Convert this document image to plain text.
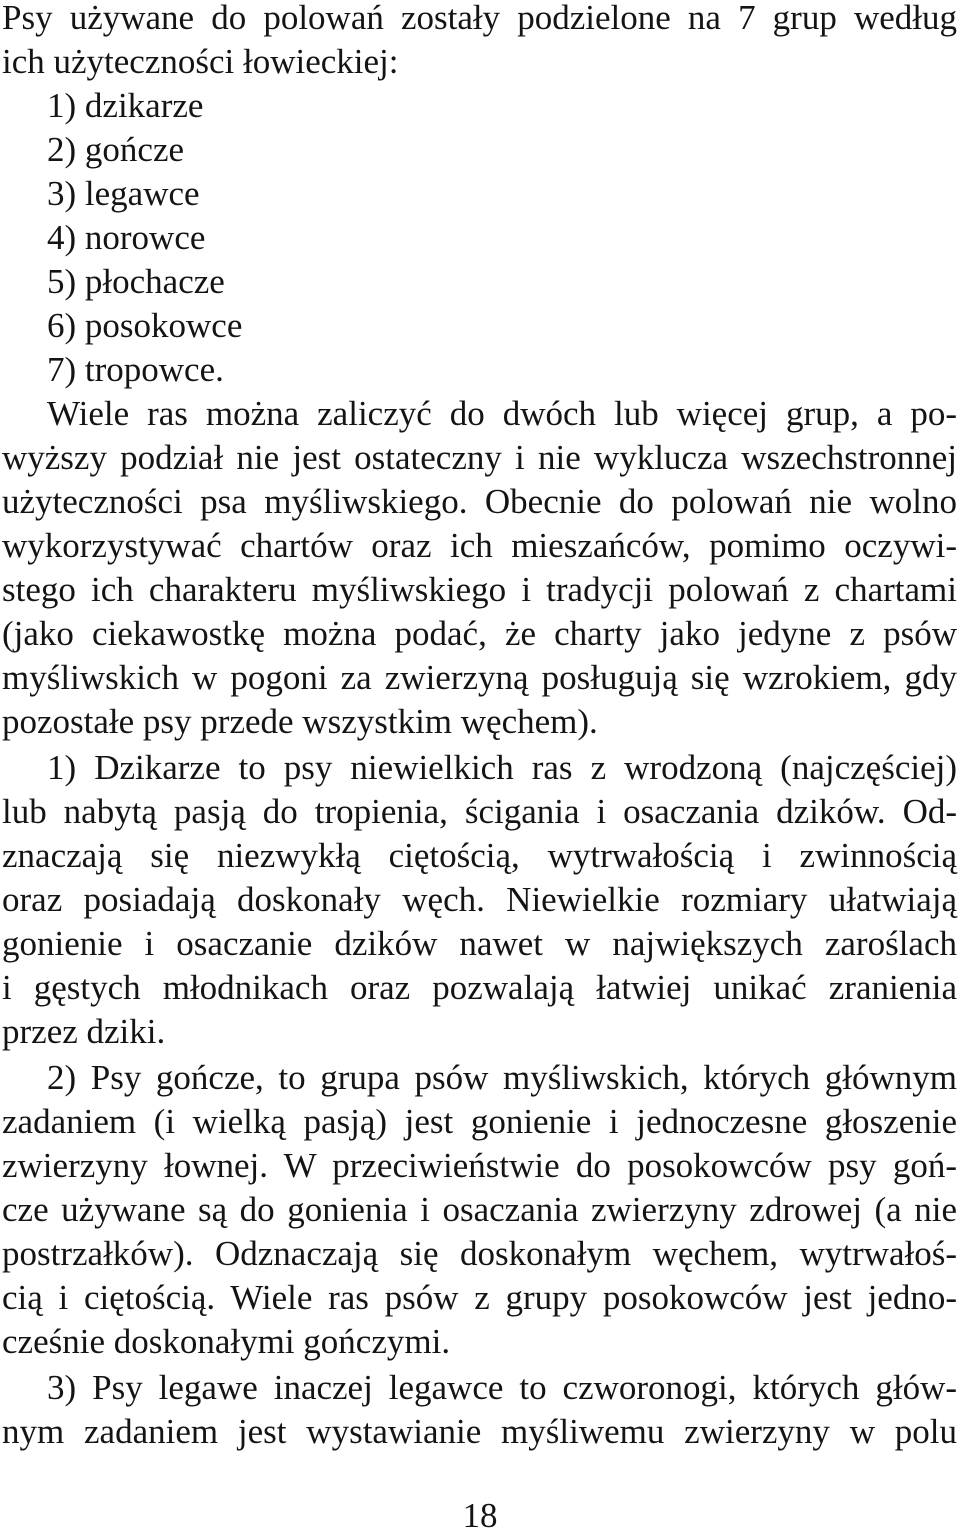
Psy używane do polowań zostały podzielone na 7 grup według
ich użyteczności łowieckiej:
1) dzikarze
2) gończe
3) legawce
4) norowce
5) płochacze
6) posokowce
7) tropowce.
Wiele ras można zaliczyć do dwóch lub więcej grup, a po-
wyższy podział nie jest ostateczny i nie wyklucza wszechstronnej
użyteczności psa myśliwskiego. Obecnie do polowań nie wolno
wykorzystywać chartów oraz ich mieszańców, pomimo oczywi-
stego ich charakteru myśliwskiego i tradycji polowań z chartami
(jako ciekawostkę można podać, że charty jako jedyne z psów
myśliwskich w pogoni za zwierzyną posługują się wzrokiem, gdy
pozostałe psy przede wszystkim węchem).
1) Dzikarze to psy niewielkich ras z wrodzoną (najczęściej)
lub nabytą pasją do tropienia, ścigania i osaczania dzików. Od-
znaczają się niezwykłą ciętością, wytrwałością i zwinnością
oraz posiadają doskonały węch. Niewielkie rozmiary ułatwiają
gonienie i osaczanie dzików nawet w największych zaroślach
i gęstych młodnikach oraz pozwalają łatwiej unikać zranienia
przez dziki.
2) Psy gończe, to grupa psów myśliwskich, których głównym
zadaniem (i wielką pasją) jest gonienie i jednoczesne głoszenie
zwierzyny łownej. W przeciwieństwie do posokowców psy goń-
cze używane są do gonienia i osaczania zwierzyny zdrowej (a nie
postrzałków). Odznaczają się doskonałym węchem, wytrwałoś-
cią i ciętością. Wiele ras psów z grupy posokowców jest jedno-
cześnie doskonałymi gończymi.
3) Psy legawe inaczej legawce to czworonogi, których głów-
nym zadaniem jest wystawianie myśliwemu zwierzyny w polu
18
